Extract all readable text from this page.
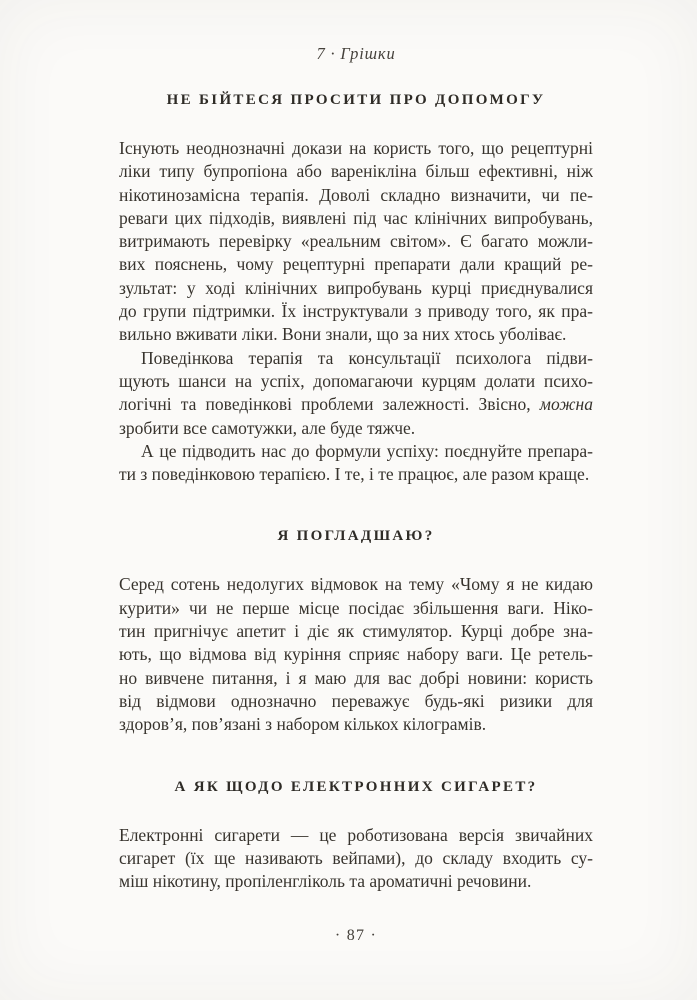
7 · Грішки
НЕ БІЙТЕСЯ ПРОСИТИ ПРО ДОПОМОГУ
Існують неоднозначні докази на користь того, що рецептурні
ліки типу бупропіона або варенікліна більш ефективні, ніж
нікотинозамісна терапія. Доволі складно визначити, чи пе-
реваги цих підходів, виявлені під час клінічних випробувань,
витримають перевірку «реальним світом». Є багато можли-
вих пояснень, чому рецептурні препарати дали кращий ре-
зультат: у ході клінічних випробувань курці приєднувалися
до групи підтримки. Їх інструктували з приводу того, як пра-
вильно вживати ліки. Вони знали, що за них хтось уболіває.
Поведінкова терапія та консультації психолога підви-
щують шанси на успіх, допомагаючи курцям долати психо-
логічні та поведінкові проблеми залежності. Звісно, можна
зробити все самотужки, але буде тяжче.
А це підводить нас до формули успіху: поєднуйте препара-
ти з поведінковою терапією. І те, і те працює, але разом краще.
Я ПОГЛАДШАЮ?
Серед сотень недолугих відмовок на тему «Чому я не кидаю
курити» чи не перше місце посідає збільшення ваги. Ніко-
тин пригнічує апетит і діє як стимулятор. Курці добре зна-
ють, що відмова від куріння сприяє набору ваги. Це ретель-
но вивчене питання, і я маю для вас добрі новини: користь
від відмови однозначно переважує будь-які ризики для
здоров’я, пов’язані з набором кількох кілограмів.
А ЯК ЩОДО ЕЛЕКТРОННИХ СИГАРЕТ?
Електронні сигарети — це роботизована версія звичайних
сигарет (їх ще називають вейпами), до складу входить су-
міш нікотину, пропіленгліколь та ароматичні речовини.
· 87 ·
